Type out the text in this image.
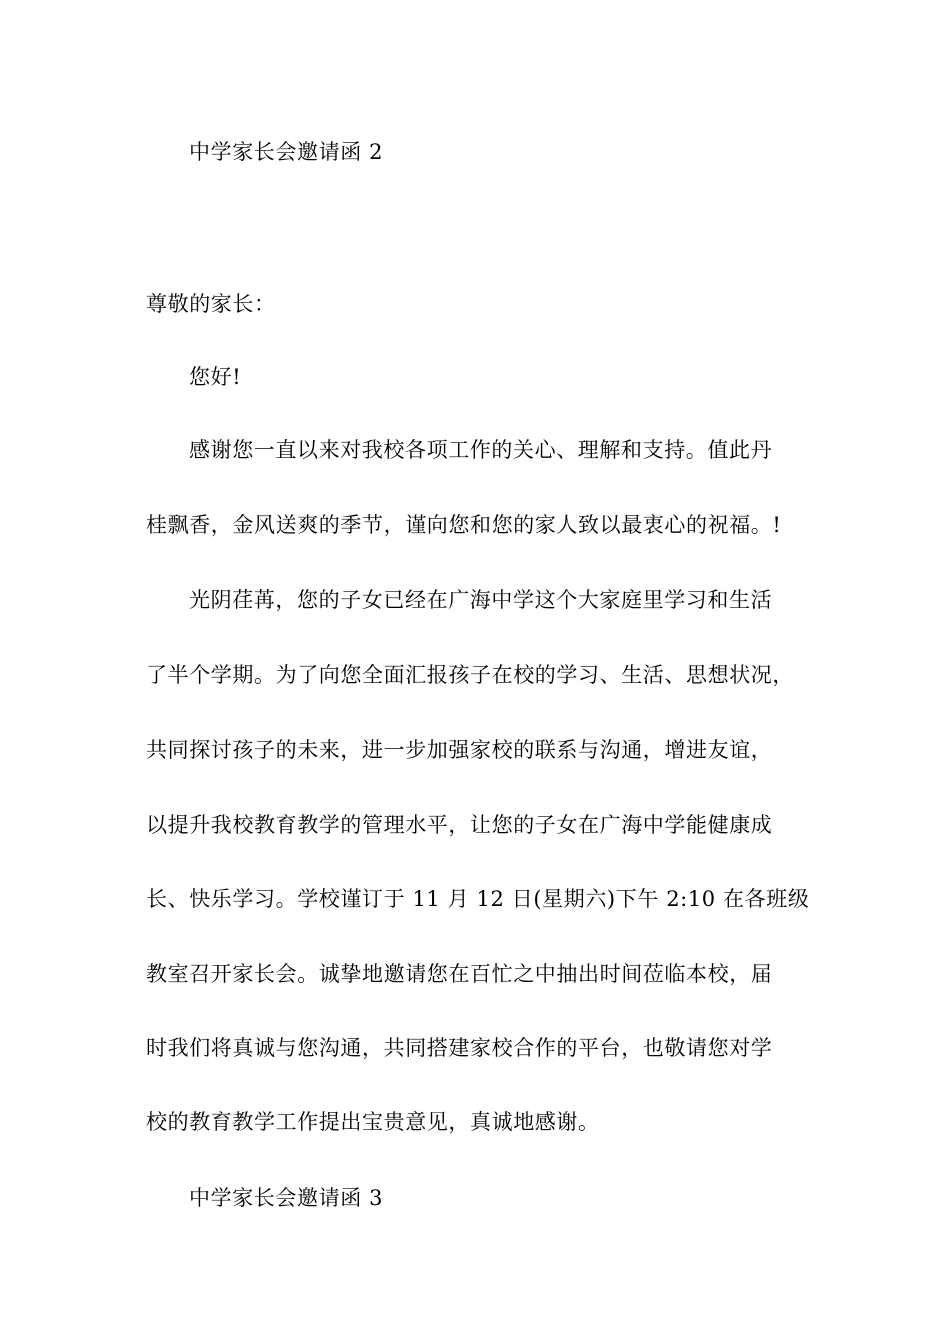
中学家长会邀请函 2
尊敬的家长：
您好!
感谢您一直以来对我校各项工作的关心、理解和支持。值此丹
桂飘香，金风送爽的季节，谨向您和您的家人致以最衷心的祝福。!
光阴荏苒，您的子女已经在广海中学这个大家庭里学习和生活
了半个学期。为了向您全面汇报孩子在校的学习、生活、思想状况，
共同探讨孩子的未来，进一步加强家校的联系与沟通，增进友谊，
以提升我校教育教学的管理水平，让您的子女在广海中学能健康成
长、快乐学习。学校谨订于 11 月 12 日(星期六)下午 2:10 在各班级
教室召开家长会。诚挚地邀请您在百忙之中抽出时间莅临本校，届
时我们将真诚与您沟通，共同搭建家校合作的平台，也敬请您对学
校的教育教学工作提出宝贵意见，真诚地感谢。
中学家长会邀请函 3
